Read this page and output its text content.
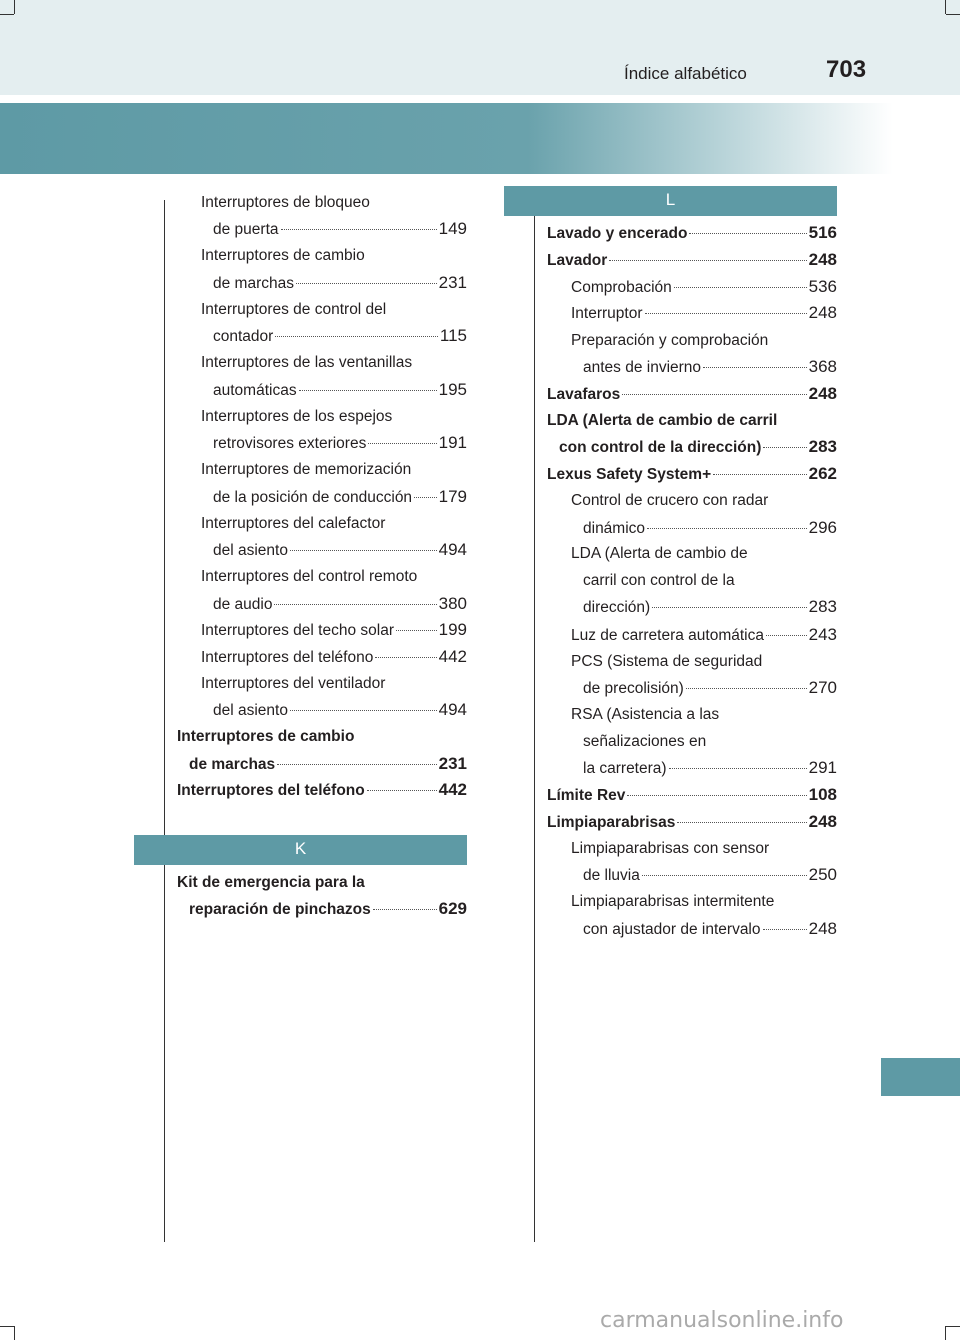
Índice alfabético	703
L
K
Interruptores de bloqueo
de puerta	149
Interruptores de cambio
de marchas	231
Interruptores de control del
contador	115
Interruptores de las ventanillas
automáticas	195
Interruptores de los espejos
retrovisores exteriores	191
Interruptores de memorización
de la posición de conducción 179
Interruptores del calefactor
del asiento	494
Interruptores del control remoto
de audio	380
Interruptores del techo solar	199
Interruptores del teléfono	442
Interruptores del ventilador
del asiento	494
Interruptores de cambio
de marchas	231
Interruptores del teléfono	442
Kit de emergencia para la
reparación de pinchazos	629
Lavado y encerado	516
Lavador	248
Comprobación	536
Interruptor	248
Preparación y comprobación
antes de invierno	368
Lavafaros	248
LDA (Alerta de cambio de carril
con control de la dirección)	283
Lexus Safety System+	262
Control de crucero con radar
dinámico	296
LDA (Alerta de cambio de
carril con control de la
dirección)	283
Luz de carretera automática	243
PCS (Sistema de seguridad
de precolisión)	270
RSA (Asistencia a las
señalizaciones en
la carretera)	291
Límite Rev	108
Limpiaparabrisas	248
Limpiaparabrisas con sensor
de lluvia	250
Limpiaparabrisas intermitente
con ajustador de intervalo	248
carmanualsonline.info
